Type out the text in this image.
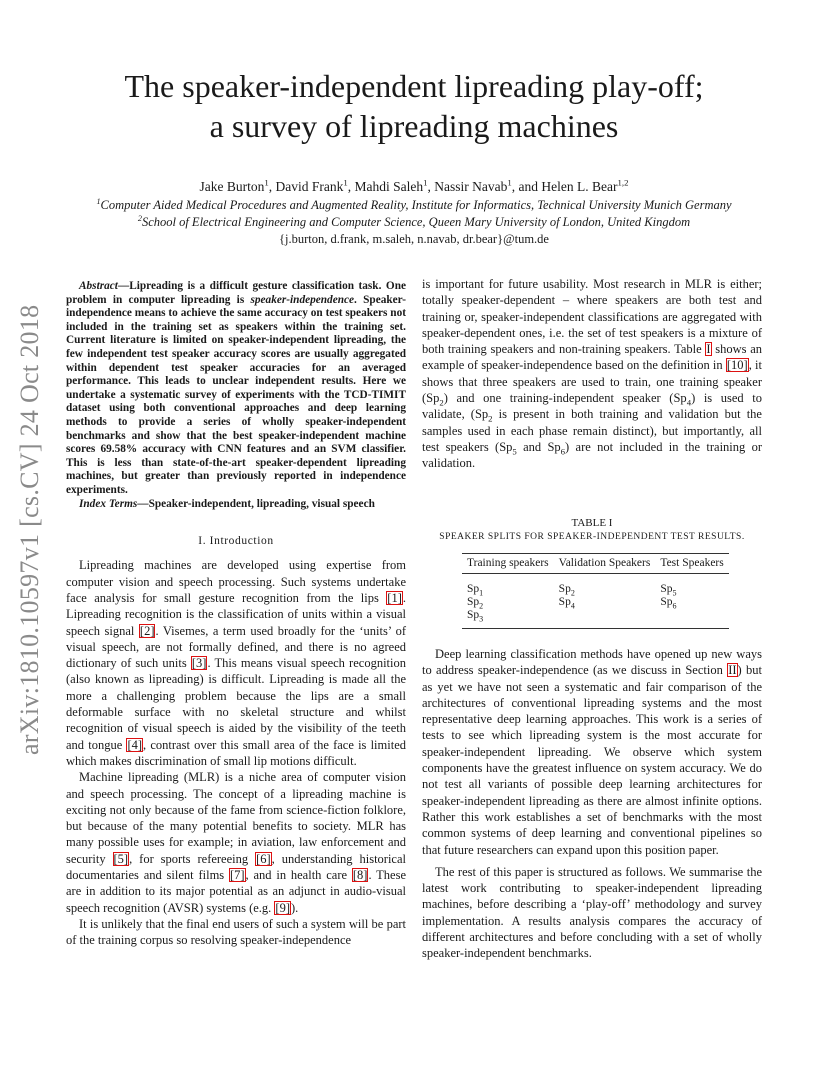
The speaker-independent lipreading play-off;
a survey of lipreading machines
Jake Burton$^1$, David Frank$^1$, Mahdi Saleh$^1$, Nassir Navab$^1$, and Helen L. Bear$^{1,2}$
$^1$Computer Aided Medical Procedures and Augmented Reality, Institute for Informatics, Technical University Munich Germany
$^2$School of Electrical Engineering and Computer Science, Queen Mary University of London, United Kingdom
{j.burton, d.frank, m.saleh, n.navab, dr.bear}@tum.de
arXiv:1810.10597v1 [cs.CV] 24 Oct 2018

Abstract—Lipreading is a difficult gesture classification task. One problem in computer lipreading is speaker-independence. Speaker-independence means to achieve the same accuracy on test speakers not included in the training set as speakers within the training set. Current literature is limited on speaker-independent lipreading, the few independent test speaker accuracy scores are usually aggregated within dependent test speaker accuracies for an averaged performance. This leads to unclear independent results. Here we undertake a systematic survey of experiments with the TCD-TIMIT dataset using both conventional approaches and deep learning methods to provide a series of wholly speaker-independent benchmarks and show that the best speaker-independent machine scores 69.58% accuracy with CNN features and an SVM classifier. This is less than state-of-the-art speaker-dependent lipreading machines, but greater than previously reported in independence experiments.

Index Terms—Speaker-independent, lipreading, visual speech

I. Introduction

Lipreading machines are developed using expertise from computer vision and speech processing. Such systems undertake face analysis for small gesture recognition from the lips [1]. Lipreading recognition is the classification of units within a visual speech signal [2]. Visemes, a term used broadly for the ‘units’ of visual speech, are not formally defined, and there is no agreed dictionary of such units [3]. This means visual speech recognition (also known as lipreading) is difficult. Lipreading is made all the more a challenging problem because the lips are a small deformable surface with no skeletal structure and whilst recognition of visual speech is aided by the visibility of the teeth and tongue [4], contrast over this small area of the face is limited which makes discrimination of small lip motions difficult.

Machine lipreading (MLR) is a niche area of computer vision and speech processing. The concept of a lipreading machine is exciting not only because of the fame from science-fiction folklore, but because of the many potential benefits to society. MLR has many possible uses for example; in aviation, law enforcement and security [5], for sports refereeing [6], understanding historical documentaries and silent films [7], and in health care [8]. These are in addition to its major potential as an adjunct in audio-visual speech recognition (AVSR) systems (e.g. [9]).

It is unlikely that the final end users of such a system will be part of the training corpus so resolving speaker-independence

is important for future usability. Most research in MLR is either; totally speaker-dependent – where speakers are both test and training or, speaker-independent classifications are aggregated with speaker-dependent ones, i.e. the set of test speakers is a mixture of both training speakers and non-training speakers. Table I shows an example of speaker-independence based on the definition in [10], it shows that three speakers are used to train, one training speaker $(Sp_2)$ and one training-independent speaker $(Sp_4)$ is used to validate, ($Sp_2$ is present in both training and validation but the samples used in each phase remain distinct), but importantly, all test speakers ($Sp_5$ and $Sp_6$) are not included in the training or validation.

TABLE I
SPEAKER SPLITS FOR SPEAKER-INDEPENDENT TEST RESULTS.
Training speakers	Validation Speakers	Test Speakers
$Sp_1$	$Sp_2$	$Sp_5$
$Sp_2$	$Sp_4$	$Sp_6$
$Sp_3$		

Deep learning classification methods have opened up new ways to address speaker-independence (as we discuss in Section II) but as yet we have not seen a systematic and fair comparison of the architectures of conventional lipreading systems and the most representative deep learning approaches. This work is a series of tests to see which lipreading system is the most accurate for speaker-independent lipreading. We observe which system components have the greatest influence on system accuracy. We do not test all variants of possible deep learning architectures for speaker-independent lipreading as there are almost infinite options. Rather this work establishes a set of benchmarks with the most common systems of deep learning and conventional pipelines so that future researchers can expand upon this position paper.

The rest of this paper is structured as follows. We summarise the latest work contributing to speaker-independent lipreading machines, before describing a ‘play-off’ methodology and survey implementation. A results analysis compares the accuracy of different architectures and before concluding with a set of wholly speaker-independent benchmarks.
